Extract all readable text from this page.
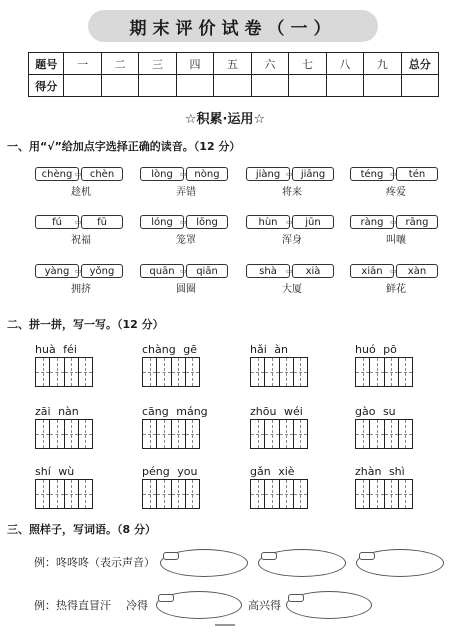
期末评价试卷（一）
题号	一	二	三	四	五	六	七	八	九	总分
得分										
☆积累·运用☆
一、用“√”给加点字选择正确的读音。（12 分）
chèng	chèn
▭
趁机
lòng	nòng
▭
弄错
jiàng	jiāng
▭
将来
téng	tén
▭
疼爱
fú	fū
▭
祝福
lóng	lōng
▭
笼罩
hùn	jūn
▭
浑身
ràng	rāng
▭
叫嚷
yàng	yǒng
▭
拥挤
quān	qiān
▭
圆圈
shà	xià
▭
大厦
xiān	xàn
▭
鲜花
二、拼一拼，写一写。（12 分）
huà féi	chàng gē	hǎi àn	huó pō
zāi nàn	cāng máng	zhōu wéi	gào su
shí wù	péng you	gǎn xiè	zhàn shì
三、照样子，写词语。（8 分）
例：咚咚咚（表示声音）
例：热得直冒汗 冷得	高兴得
